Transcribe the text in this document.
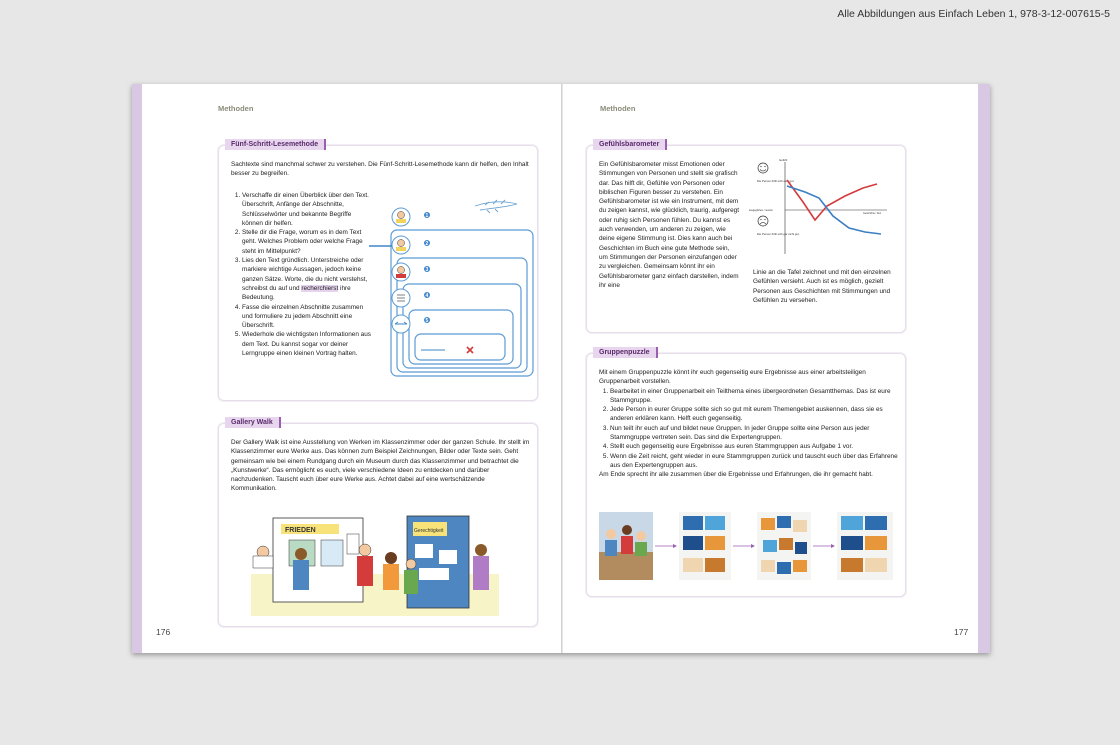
Alle Abbildungen aus Einfach Leben 1, 978-3-12-007615-5
Methoden
Fünf-Schritt-Lesemethode
Sachtexte sind manchmal schwer zu verstehen. Die Fünf-Schritt-Lesemethode kann dir helfen, den Inhalt besser zu begreifen.
1. Verschaffe dir einen Überblick über den Text. Überschrift, Anfänge der Abschnitte, Schlüsselwörter und bekannte Begriffe können dir helfen.
2. Stelle dir die Frage, worum es in dem Text geht. Welches Problem oder welche Frage steht im Mittelpunkt?
3. Lies den Text gründlich. Unterstreiche oder markiere wichtige Aussagen, jedoch keine ganzen Sätze. Worte, die du nicht verstehst, schreibst du auf und recherchierst ihre Bedeutung.
4. Fasse die einzelnen Abschnitte zusammen und formuliere zu jedem Abschnitt eine Überschrift.
5. Wiederhole die wichtigsten Informationen aus dem Text. Du kannst sogar vor deiner Lerngruppe einen kleinen Vortrag halten.
1
2
3
4
5
Gallery Walk
Der Gallery Walk ist eine Ausstellung von Werken im Klassenzimmer oder der ganzen Schule. Ihr stellt im Klassenzimmer eure Werke aus. Das können zum Beispiel Zeichnungen, Bilder oder Texte sein. Geht gemeinsam wie bei einem Rundgang durch ein Museum durch das Klassenzimmer und betrachtet die „Kunstwerke“. Das ermöglicht es euch, viele verschiedene Ideen zu entdecken und darüber nachzudenken. Tauscht euch über eure Werke aus. Achtet dabei auf eine wertschätzende Kommunikation.
FRIEDEN	Gerechtigkeit
176
Methoden
Gefühlsbarometer
Ein Gefühlsbarometer misst Emotionen oder Stimmungen von Personen und stellt sie grafisch dar. Das hilft dir, Gefühle von Personen oder biblischen Figuren besser zu verstehen. Ein Gefühlsbarometer ist wie ein Instrument, mit dem du zeigen kannst, wie glücklich, traurig, aufgeregt oder ruhig sich Personen fühlen. Du kannst es auch verwenden, um anderen zu zeigen, wie deine eigene Stimmung ist. Dies kann auch bei Geschichten im Buch eine gute Methode sein, um Stimmungen der Personen einzufangen oder zu vergleichen. Gemeinsam könnt ihr ein Gefühlsbarometer ganz einfach darstellen, indem ihr eine
Die Person fühlt sich sehr gut.
Die Person fühlt sich gar nicht gut.
Gefühl
ausgeglichen / neutral
Geschichte / Zeit
Linie an die Tafel zeichnet und mit den einzelnen Gefühlen versieht. Auch ist es möglich, gezielt Personen aus Geschichten mit Stimmungen und Gefühlen zu versehen.
Gruppenpuzzle
Mit einem Gruppenpuzzle könnt ihr euch gegenseitig eure Ergebnisse aus einer arbeitsteiligen Gruppenarbeit vorstellen.
1. Bearbeitet in einer Gruppenarbeit ein Teilthema eines übergeordneten Gesamtthemas. Das ist eure Stammgruppe.
2. Jede Person in eurer Gruppe sollte sich so gut mit eurem Themengebiet auskennen, dass sie es anderen erklären kann. Helft euch gegenseitig.
3. Nun teilt ihr euch auf und bildet neue Gruppen. In jeder Gruppe sollte eine Person aus jeder Stammgruppe vertreten sein. Das sind die Expertengruppen.
4. Stellt euch gegenseitig eure Ergebnisse aus euren Stammgruppen aus Aufgabe 1 vor.
5. Wenn die Zeit reicht, geht wieder in eure Stammgruppen zurück und tauscht euch über das Erfahrene aus den Expertengruppen aus.
Am Ende sprecht ihr alle zusammen über die Ergebnisse und Erfahrungen, die ihr gemacht habt.
177
